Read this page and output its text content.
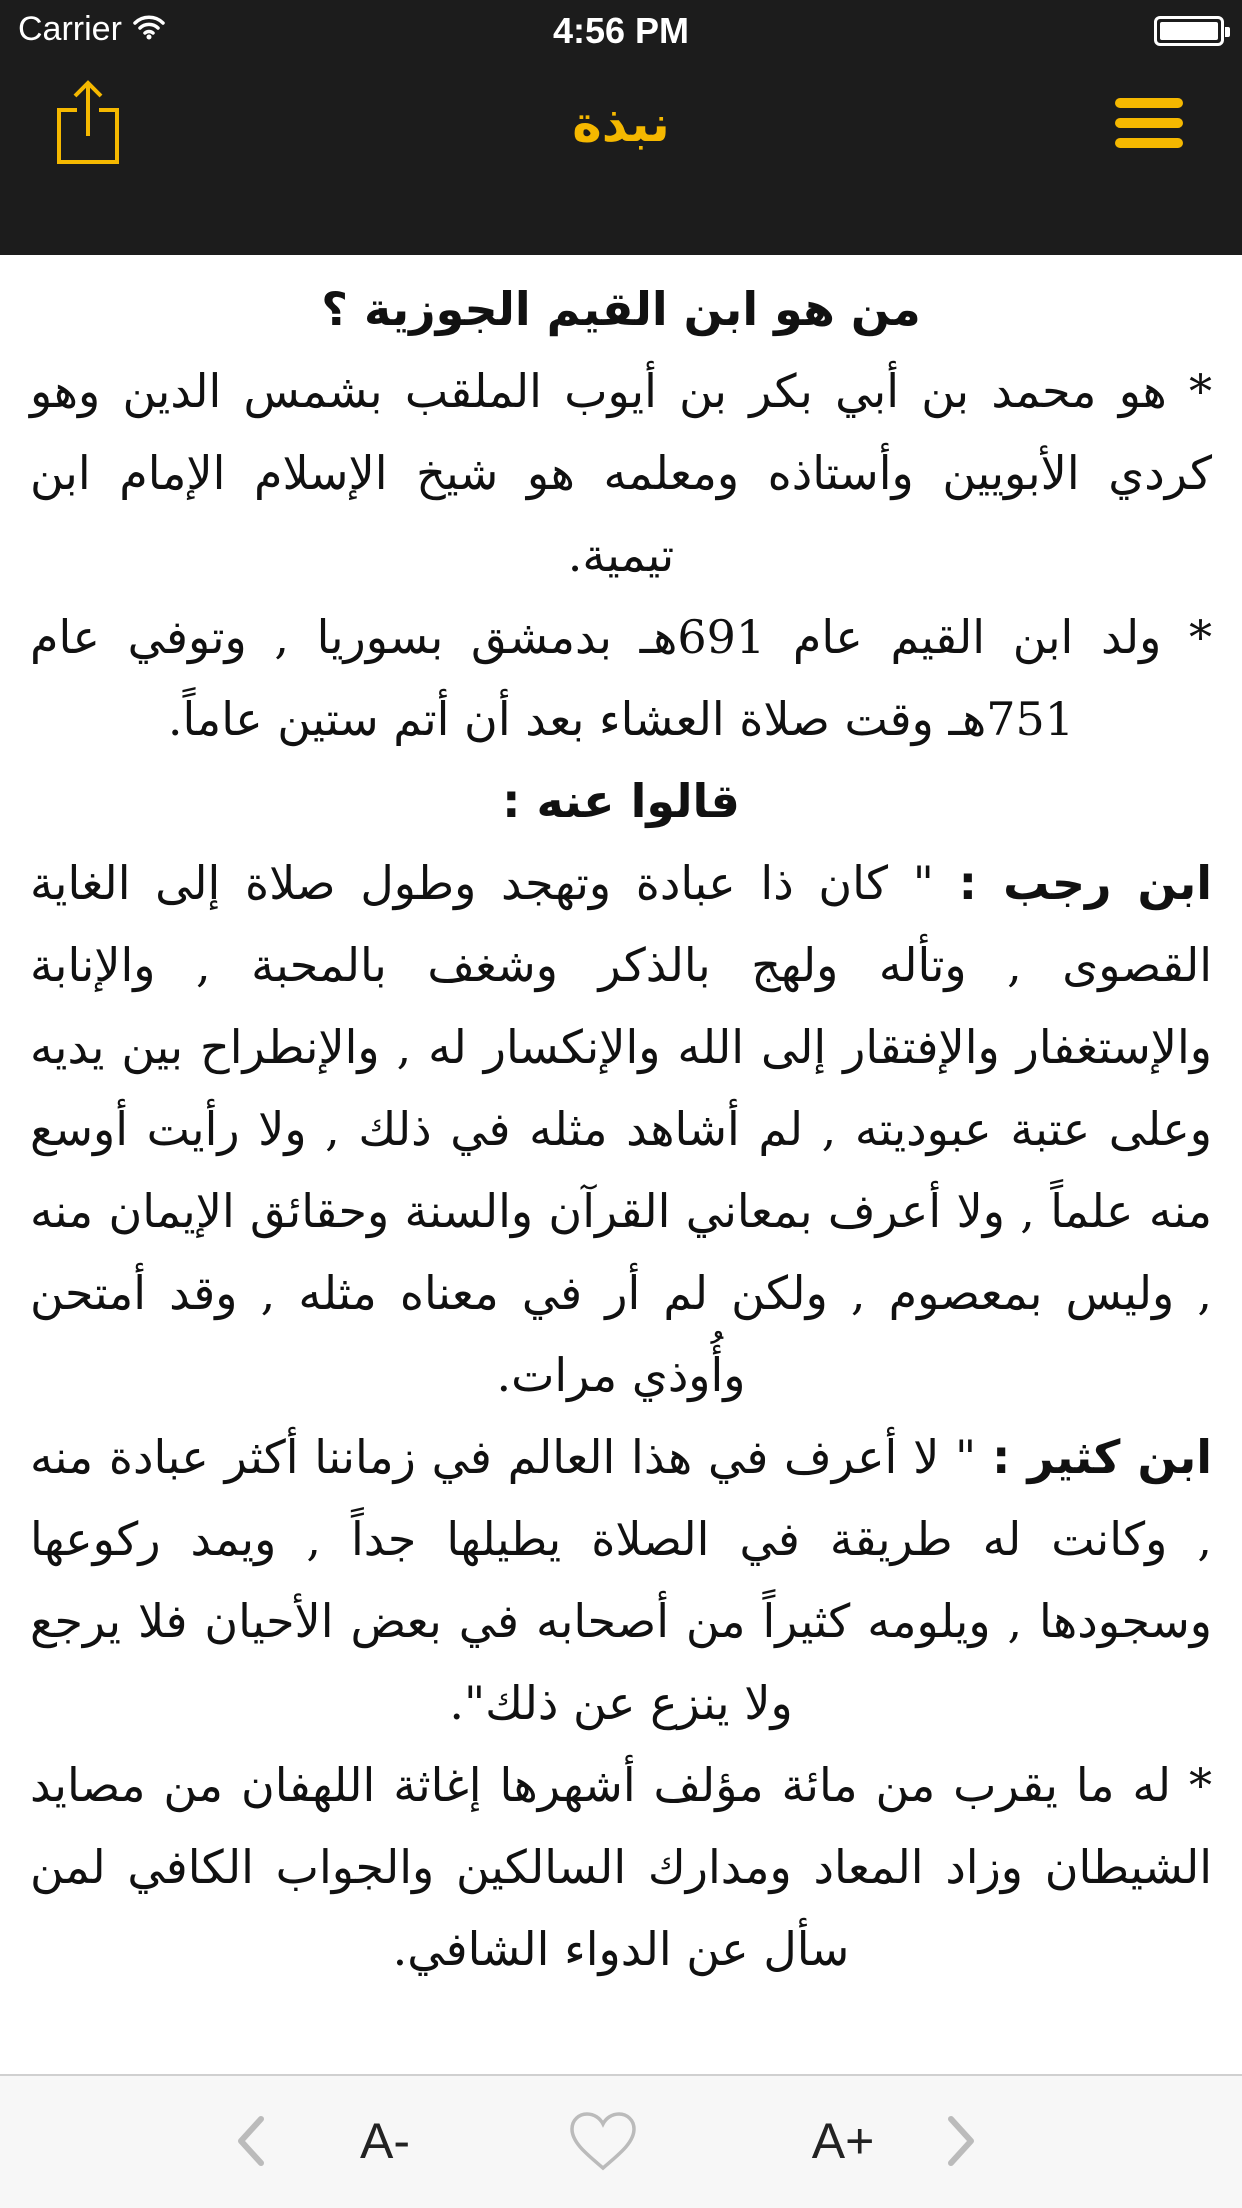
Carrier	4:56 PM
نبذة

من هو ابن القيم الجوزية ؟

* هو محمد بن أبي بكر بن أيوب الملقب بشمس الدين وهو كردي الأبويين وأستاذه ومعلمه هو شيخ الإسلام الإمام ابن تيمية.

* ولد ابن القيم عام 691هـ بدمشق بسوريا , وتوفي عام 751هـ وقت صلاة العشاء بعد أن أتم ستين عاماً.

قالوا عنه :

ابن رجب : " كان ذا عبادة وتهجد وطول صلاة إلى الغاية القصوى , وتأله ولهج بالذكر وشغف بالمحبة , والإنابة والإستغفار والإفتقار إلى الله والإنكسار له , والإنطراح بين يديه وعلى عتبة عبوديته , لم أشاهد مثله في ذلك , ولا رأيت أوسع منه علماً , ولا أعرف بمعاني القرآن والسنة وحقائق الإيمان منه , وليس بمعصوم , ولكن لم أر في معناه مثله , وقد أمتحن وأُوذي مرات.

ابن كثير : " لا أعرف في هذا العالم في زماننا أكثر عبادة منه , وكانت له طريقة في الصلاة يطيلها جداً , ويمد ركوعها وسجودها , ويلومه كثيراً من أصحابه في بعض الأحيان فلا يرجع ولا ينزع عن ذلك".

* له ما يقرب من مائة مؤلف أشهرها إغاثة اللهفان من مصايد الشيطان وزاد المعاد ومدارك السالكين والجواب الكافي لمن سأل عن الدواء الشافي.

A-	A+
